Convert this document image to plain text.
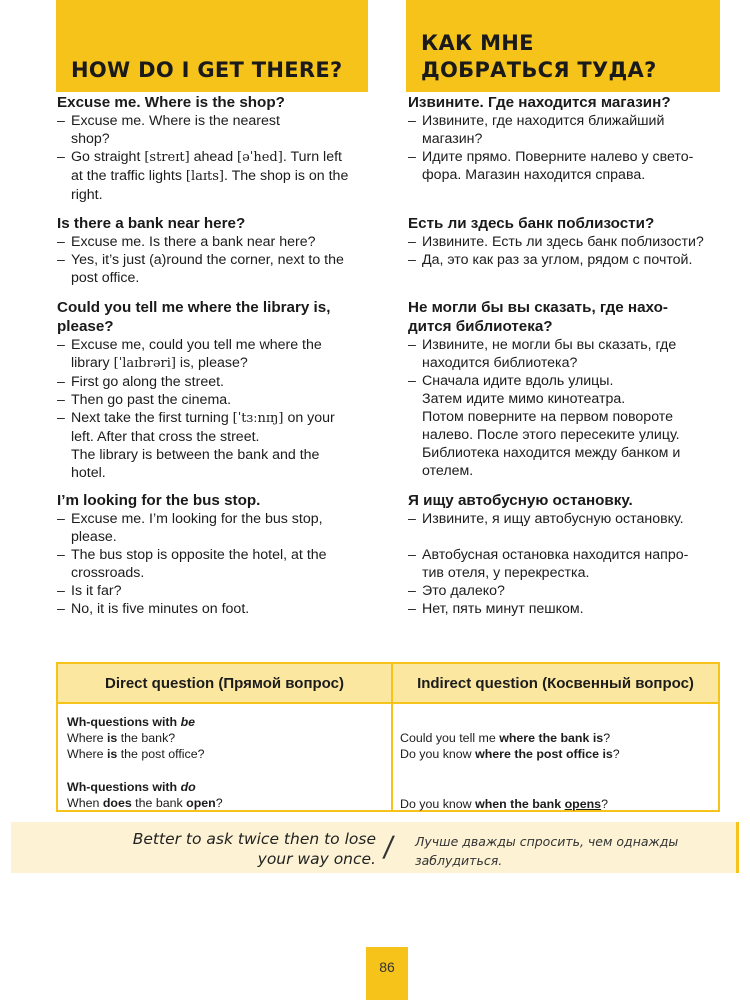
HOW DO I GET THERE?
КАК МНЕ
ДОБРАТЬСЯ ТУДА?
Excuse me. Where is the shop?
– Excuse me. Where is the nearest
shop?
– Go straight [streɪt] ahead [əˈhed]. Turn left
at the traffic lights [laɪts]. The shop is on the
right.
Is there a bank near here?
– Excuse me. Is there a bank near here?
– Yes, it’s just (a)round the corner, next to the
post office.
Could you tell me where the library is,
please?
– Excuse me, could you tell me where the
library [ˈlaɪbrəri] is, please?
– First go along the street.
– Then go past the cinema.
– Next take the first turning [ˈtɜːnɪŋ] on your
left. After that cross the street.
The library is between the bank and the
hotel.
I’m looking for the bus stop.
– Excuse me. I’m looking for the bus stop,
please.
– The bus stop is opposite the hotel, at the
crossroads.
– Is it far?
– No, it is five minutes on foot.
Извините. Где находится магазин?
– Извините, где находится ближайший
магазин?
– Идите прямо. Поверните налево у свето-
фора. Магазин находится справа.
Есть ли здесь банк поблизости?
– Извините. Есть ли здесь банк поблизости?
– Да, это как раз за углом, рядом с почтой.
Не могли бы вы сказать, где нахо-
дится библиотека?
– Извините, не могли бы вы сказать, где
находится библиотека?
– Сначала идите вдоль улицы.
Затем идите мимо кинотеатра.
Потом поверните на первом повороте
налево. После этого пересеките улицу.
Библиотека находится между банком и
отелем.
Я ищу автобусную остановку.
– Извините, я ищу автобусную остановку.
– Автобусная остановка находится напро-
тив отеля, у перекрестка.
– Это далеко?
– Нет, пять минут пешком.
Direct question (Прямой вопрос)	Indirect question (Косвенный вопрос)
Wh-questions with be
Where is the bank?
Where is the post office?
Wh-questions with do
When does the bank open?
Could you tell me where the bank is?
Do you know where the post office is?
Do you know when the bank opens?
Better to ask twice then to lose
your way once. / Лучше дважды спросить, чем однажды
заблудиться.
86
